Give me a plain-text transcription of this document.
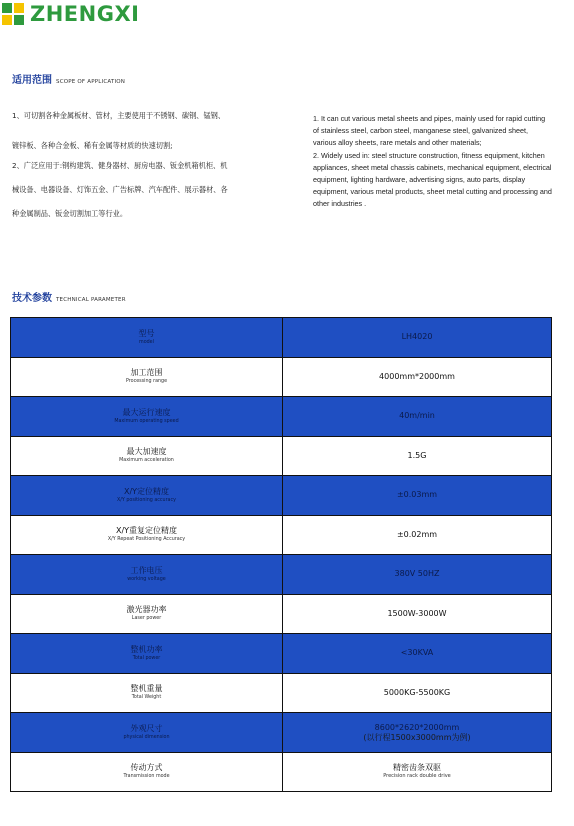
ZHENGXI
适用范围 SCOPE OF APPLICATION

1、可切割各种金属板材、管材，主要使用于不锈钢、碳钢、锰钢、

镀锌板、各种合金板、稀有金属等材质的快速切割;

2、广泛应用于:钢构建筑、健身器材、厨房电器、钣金机箱机柜、机

械设备、电器设备、灯饰五金、广告标牌、汽车配件、展示器材、各

种金属制品、钣金切割加工等行业。

1. It can cut various metal sheets and pipes, mainly used for rapid cutting of stainless steel, carbon steel, manganese steel, galvanized sheet, various alloy sheets, rare metals and other materials;

2. Widely used in: steel structure construction, fitness equipment, kitchen appliances, sheet metal chassis cabinets, mechanical equipment, electrical equipment, lighting hardware, advertising signs, auto parts, display equipment, various metal products, sheet metal cutting and processing and other industries .

技术参数 TECHNICAL PARAMETER
型号
model	LH4020

加工范围
Processing range	4000mm*2000mm

最大运行速度
Maximum operating speed	40m/min

最大加速度
Maximum acceleration	1.5G

X/Y定位精度
X/Y positioning accuracy	±0.03mm

X/Y重复定位精度
X/Y Repeat Positioning Accuracy	±0.02mm

工作电压
working voltage	380V 50HZ

激光器功率
Laser power	1500W-3000W

整机功率
Total power	<30KVA

整机重量
Total Weight	5000KG-5500KG

外观尺寸
physical dimension	8600*2620*2000mm
(以行程1500x3000mm为例)

传动方式
Transmission mode	精密齿条双驱
Precision rack double drive
